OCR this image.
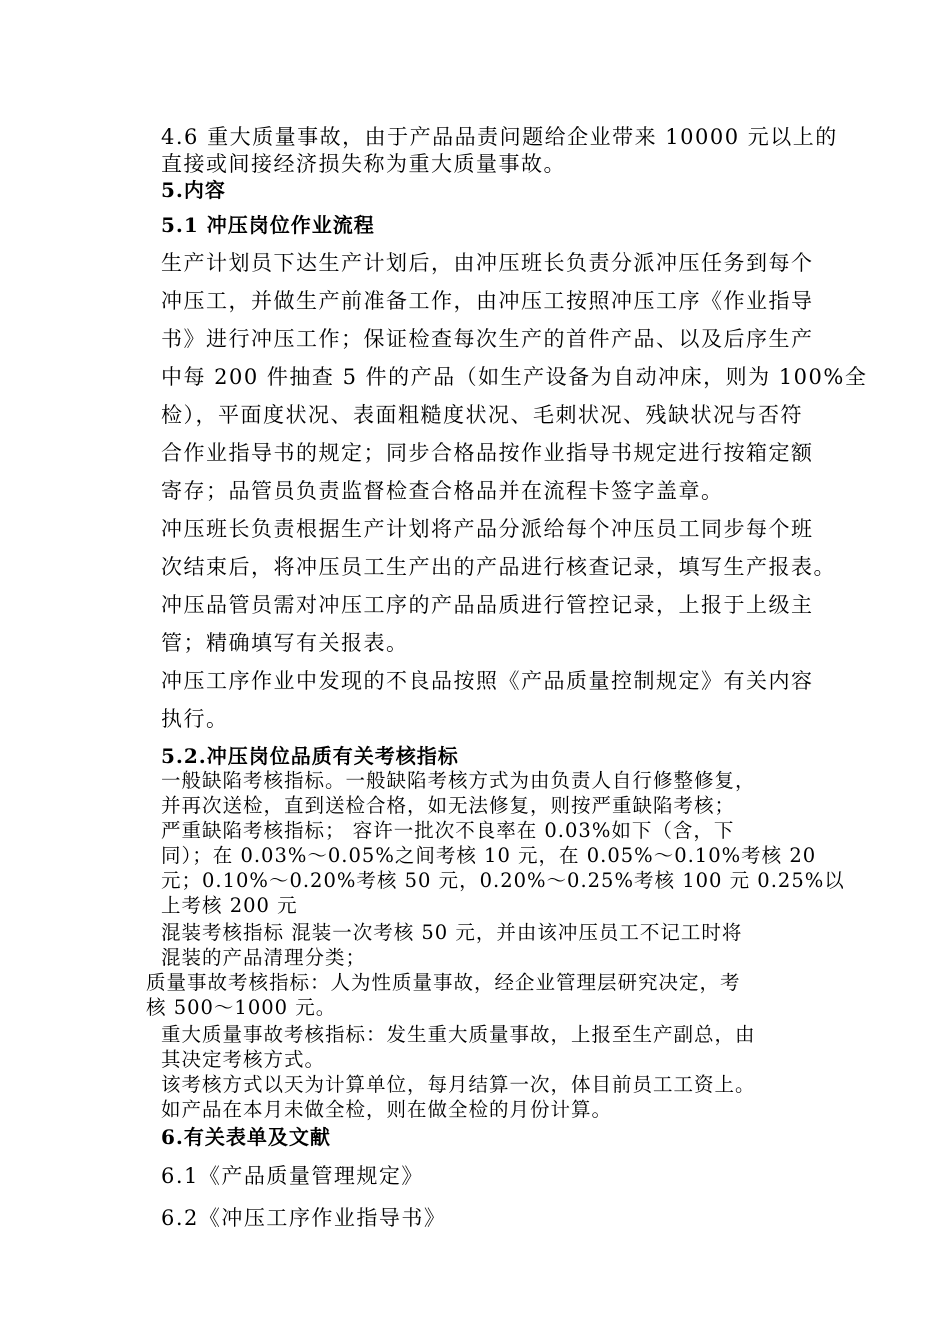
4.6 重大质量事故，由于产品品责问题给企业带来 10000 元以上的
直接或间接经济损失称为重大质量事故。
5.内容
5.1 冲压岗位作业流程
生产计划员下达生产计划后，由冲压班长负责分派冲压任务到每个
冲压工，并做生产前准备工作，由冲压工按照冲压工序《作业指导
书》进行冲压工作；保证检查每次生产的首件产品、以及后序生产
中每 200 件抽查 5 件的产品（如生产设备为自动冲床，则为 100%全
检），平面度状况、表面粗糙度状况、毛刺状况、残缺状况与否符
合作业指导书的规定；同步合格品按作业指导书规定进行按箱定额
寄存；品管员负责监督检查合格品并在流程卡签字盖章。
冲压班长负责根据生产计划将产品分派给每个冲压员工同步每个班
次结束后，将冲压员工生产出的产品进行核查记录，填写生产报表。
冲压品管员需对冲压工序的产品品质进行管控记录，上报于上级主
管；精确填写有关报表。
冲压工序作业中发现的不良品按照《产品质量控制规定》有关内容
执行。
5.2.冲压岗位品质有关考核指标
一般缺陷考核指标。一般缺陷考核方式为由负责人自行修整修复，
并再次送检，直到送检合格，如无法修复，则按严重缺陷考核；
严重缺陷考核指标； 容许一批次不良率在 0.03%如下（含，下
同）；在 0.03%～0.05%之间考核 10 元，在 0.05%～0.10%考核 20
元；0.10%～0.20%考核 50 元，0.20%～0.25%考核 100 元 0.25%以
上考核 200 元
混装考核指标 混装一次考核 50 元，并由该冲压员工不记工时将
混装的产品清理分类；
质量事故考核指标：人为性质量事故，经企业管理层研究决定，考
核 500～1000 元。
重大质量事故考核指标：发生重大质量事故，上报至生产副总，由
其决定考核方式。
该考核方式以天为计算单位，每月结算一次，体目前员工工资上。
如产品在本月未做全检，则在做全检的月份计算。
6.有关表单及文献
6.1《产品质量管理规定》
6.2《冲压工序作业指导书》
